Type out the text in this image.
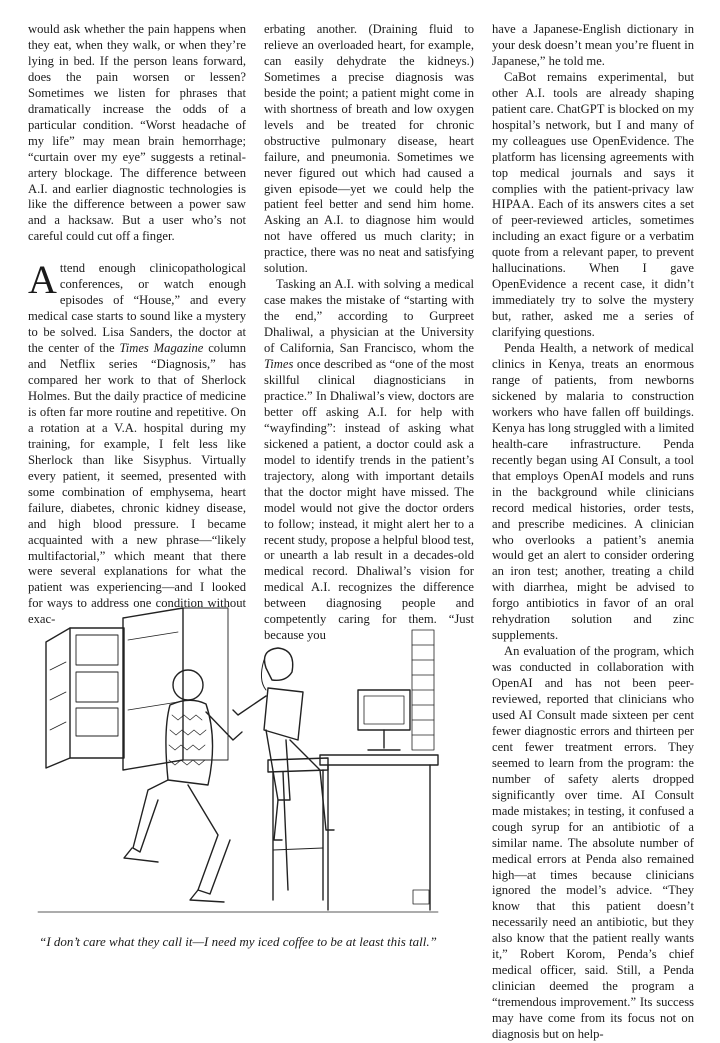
would ask whether the pain happens when they eat, when they walk, or when they’re lying in bed. If the person leans forward, does the pain worsen or lessen? Sometimes we listen for phrases that dramatically increase the odds of a particular condition. “Worst headache of my life” may mean brain hemorrhage; “curtain over my eye” suggests a retinal-artery blockage. The difference between A.I. and earlier diagnostic technologies is like the difference between a power saw and a hacksaw. But a user who’s not careful could cut off a finger.

Attend enough clinicopathological conferences, or watch enough episodes of “House,” and every medical case starts to sound like a mystery to be solved. Lisa Sanders, the doctor at the center of the Times Magazine column and Netflix series “Diagnosis,” has compared her work to that of Sherlock Holmes. But the daily practice of medicine is often far more routine and repetitive. On a rotation at a V.A. hospital during my training, for example, I felt less like Sherlock than like Sisyphus. Virtually every patient, it seemed, presented with some combination of emphysema, heart failure, diabetes, chronic kidney disease, and high blood pressure. I became acquainted with a new phrase—“likely multifactorial,” which meant that there were several explanations for what the patient was experiencing—and I looked for ways to address one condition without exac-

erbating another. (Draining fluid to relieve an overloaded heart, for example, can easily dehydrate the kidneys.) Sometimes a precise diagnosis was beside the point; a patient might come in with shortness of breath and low oxygen levels and be treated for chronic obstructive pulmonary disease, heart failure, and pneumonia. Sometimes we never figured out which had caused a given episode—yet we could help the patient feel better and send him home. Asking an A.I. to diagnose him would not have offered us much clarity; in practice, there was no neat and satisfying solution.

Tasking an A.I. with solving a medical case makes the mistake of “starting with the end,” according to Gurpreet Dhaliwal, a physician at the University of California, San Francisco, whom the Times once described as “one of the most skillful clinical diagnosticians in practice.” In Dhaliwal’s view, doctors are better off asking A.I. for help with “wayfinding”: instead of asking what sickened a patient, a doctor could ask a model to identify trends in the patient’s trajectory, along with important details that the doctor might have missed. The model would not give the doctor orders to follow; instead, it might alert her to a recent study, propose a helpful blood test, or unearth a lab result in a decades-old medical record. Dhaliwal’s vision for medical A.I. recognizes the difference between diagnosing people and competently caring for them. “Just because you

have a Japanese-English dictionary in your desk doesn’t mean you’re fluent in Japanese,” he told me.

CaBot remains experimental, but other A.I. tools are already shaping patient care. ChatGPT is blocked on my hospital’s network, but I and many of my colleagues use OpenEvidence. The platform has licensing agreements with top medical journals and says it complies with the patient-privacy law HIPAA. Each of its answers cites a set of peer-reviewed articles, sometimes including an exact figure or a verbatim quote from a relevant paper, to prevent hallucinations. When I gave OpenEvidence a recent case, it didn’t immediately try to solve the mystery but, rather, asked me a series of clarifying questions.

Penda Health, a network of medical clinics in Kenya, treats an enormous range of patients, from newborns sickened by malaria to construction workers who have fallen off buildings. Kenya has long struggled with a limited health-care infrastructure. Penda recently began using AI Consult, a tool that employs OpenAI models and runs in the background while clinicians record medical histories, order tests, and prescribe medicines. A clinician who overlooks a patient’s anemia would get an alert to consider ordering an iron test; another, treating a child with diarrhea, might be advised to forgo antibiotics in favor of an oral rehydration solution and zinc supplements.

An evaluation of the program, which was conducted in collaboration with OpenAI and has not been peer-reviewed, reported that clinicians who used AI Consult made sixteen per cent fewer diagnostic errors and thirteen per cent fewer treatment errors. They seemed to learn from the program: the number of safety alerts dropped significantly over time. AI Consult made mistakes; in testing, it confused a cough syrup for an antibiotic of a similar name. The absolute number of medical errors at Penda also remained high—at times because clinicians ignored the model’s advice. “They know that this patient doesn’t necessarily need an antibiotic, but they also know that the patient really wants it,” Robert Korom, Penda’s chief medical officer, said. Still, a Penda clinician deemed the program a “tremendous improvement.” Its success may have come from its focus not on diagnosis but on help-

“I don’t care what they call it—I need my iced coffee to be at least this tall.”
